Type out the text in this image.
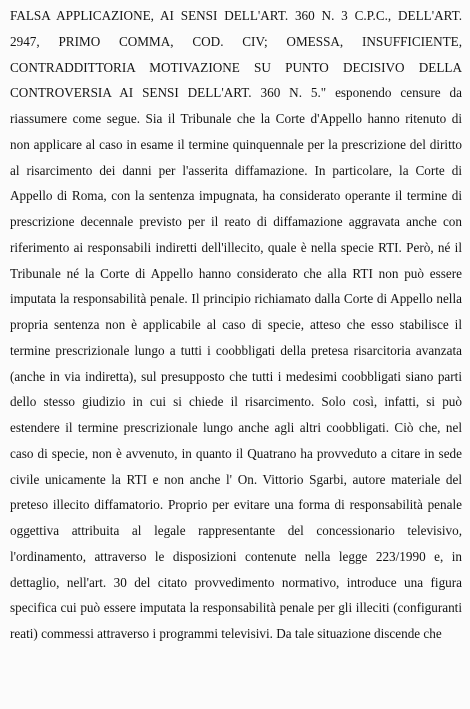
FALSA APPLICAZIONE, AI SENSI DELL'ART. 360 N. 3 C.P.C., DELL'ART.
2947, PRIMO COMMA, COD. CIV; OMESSA, INSUFFICIENTE,
CONTRADDITTORIA MOTIVAZIONE SU PUNTO DECISIVO DELLA
CONTROVERSIA AI SENSI DELL'ART. 360 N. 5." esponendo censure da
riassumere come segue. Sia il Tribunale che la Corte d'Appello hanno ritenuto di
non applicare al caso in esame il termine quinquennale per la prescrizione del diritto
al risarcimento dei danni per l'asserita diffamazione. In particolare, la Corte di
Appello di Roma, con la sentenza impugnata, ha considerato operante il termine di
prescrizione decennale previsto per il reato di diffamazione aggravata anche con
riferimento ai responsabili indiretti dell'illecito, quale è nella specie RTI. Però, né il
Tribunale né la Corte di Appello hanno considerato che alla RTI non può essere
imputata la responsabilità penale. Il principio richiamato dalla Corte di Appello nella
propria sentenza non è applicabile al caso di specie, atteso che esso stabilisce il
termine prescrizionale lungo a tutti i coobbligati della pretesa risarcitoria avanzata
(anche in via indiretta), sul presupposto che tutti i medesimi coobbligati siano parti
dello stesso giudizio in cui si chiede il risarcimento. Solo così, infatti, si può
estendere il termine prescrizionale lungo anche agli altri coobbligati. Ciò che, nel
caso di specie, non è avvenuto, in quanto il Quatrano ha provveduto a citare in sede
civile unicamente la RTI e non anche l' On. Vittorio Sgarbi, autore materiale del
preteso illecito diffamatorio. Proprio per evitare una forma di responsabilità penale
oggettiva attribuita al legale rappresentante del concessionario televisivo,
l'ordinamento, attraverso le disposizioni contenute nella legge 223/1990 e, in
dettaglio, nell'art. 30 del citato provvedimento normativo, introduce una figura
specifica cui può essere imputata la responsabilità penale per gli illeciti (configuranti
reati) commessi attraverso i programmi televisivi. Da tale situazione discende che
